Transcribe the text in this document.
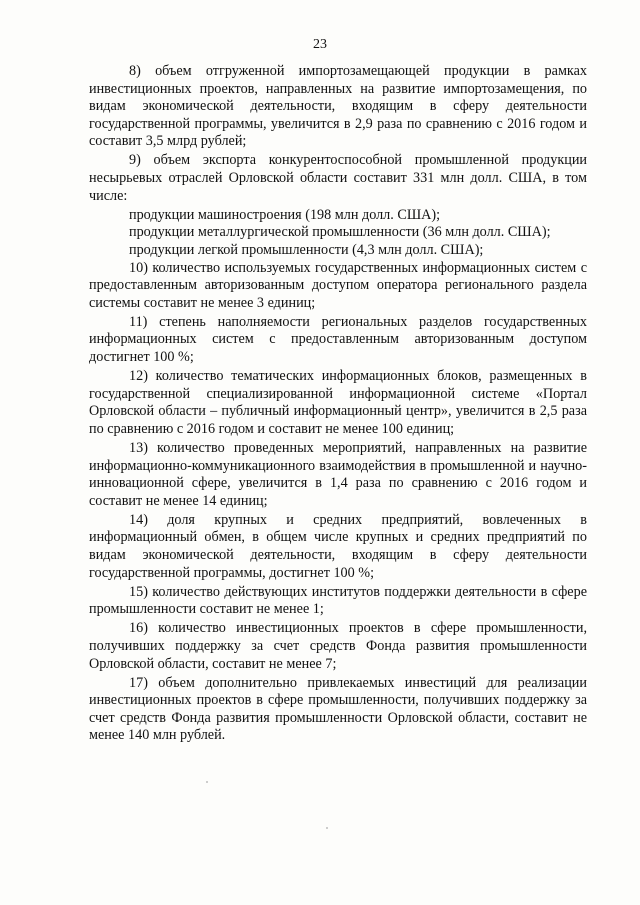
23

8) объем отгруженной импортозамещающей продукции в рамках инвестиционных проектов, направленных на развитие импортозамещения, по видам экономической деятельности, входящим в сферу деятельности государственной программы, увеличится в 2,9 раза по сравнению с 2016 годом и составит 3,5 млрд рублей;

9) объем экспорта конкурентоспособной промышленной продукции несырьевых отраслей Орловской области составит 331 млн долл. США, в том числе:

продукции машиностроения (198 млн долл. США);

продукции металлургической промышленности (36 млн долл. США);

продукции легкой промышленности (4,3 млн долл. США);

10) количество используемых государственных информационных систем с предоставленным авторизованным доступом оператора регионального раздела системы составит не менее 3 единиц;

11) степень наполняемости региональных разделов государственных информационных систем с предоставленным авторизованным доступом достигнет 100 %;

12) количество тематических информационных блоков, размещенных в государственной специализированной информационной системе «Портал Орловской области – публичный информационный центр», увеличится в 2,5 раза по сравнению с 2016 годом и составит не менее 100 единиц;

13) количество проведенных мероприятий, направленных на развитие информационно-коммуникационного взаимодействия в промышленной и научно-инновационной сфере, увеличится в 1,4 раза по сравнению с 2016 годом и составит не менее 14 единиц;

14) доля крупных и средних предприятий, вовлеченных в информационный обмен, в общем числе крупных и средних предприятий по видам экономической деятельности, входящим в сферу деятельности государственной программы, достигнет 100 %;

15) количество действующих институтов поддержки деятельности в сфере промышленности составит не менее 1;

16) количество инвестиционных проектов в сфере промышленности, получивших поддержку за счет средств Фонда развития промышленности Орловской области, составит не менее 7;

17) объем дополнительно привлекаемых инвестиций для реализации инвестиционных проектов в сфере промышленности, получивших поддержку за счет средств Фонда развития промышленности Орловской области, составит не менее 140 млн рублей.
